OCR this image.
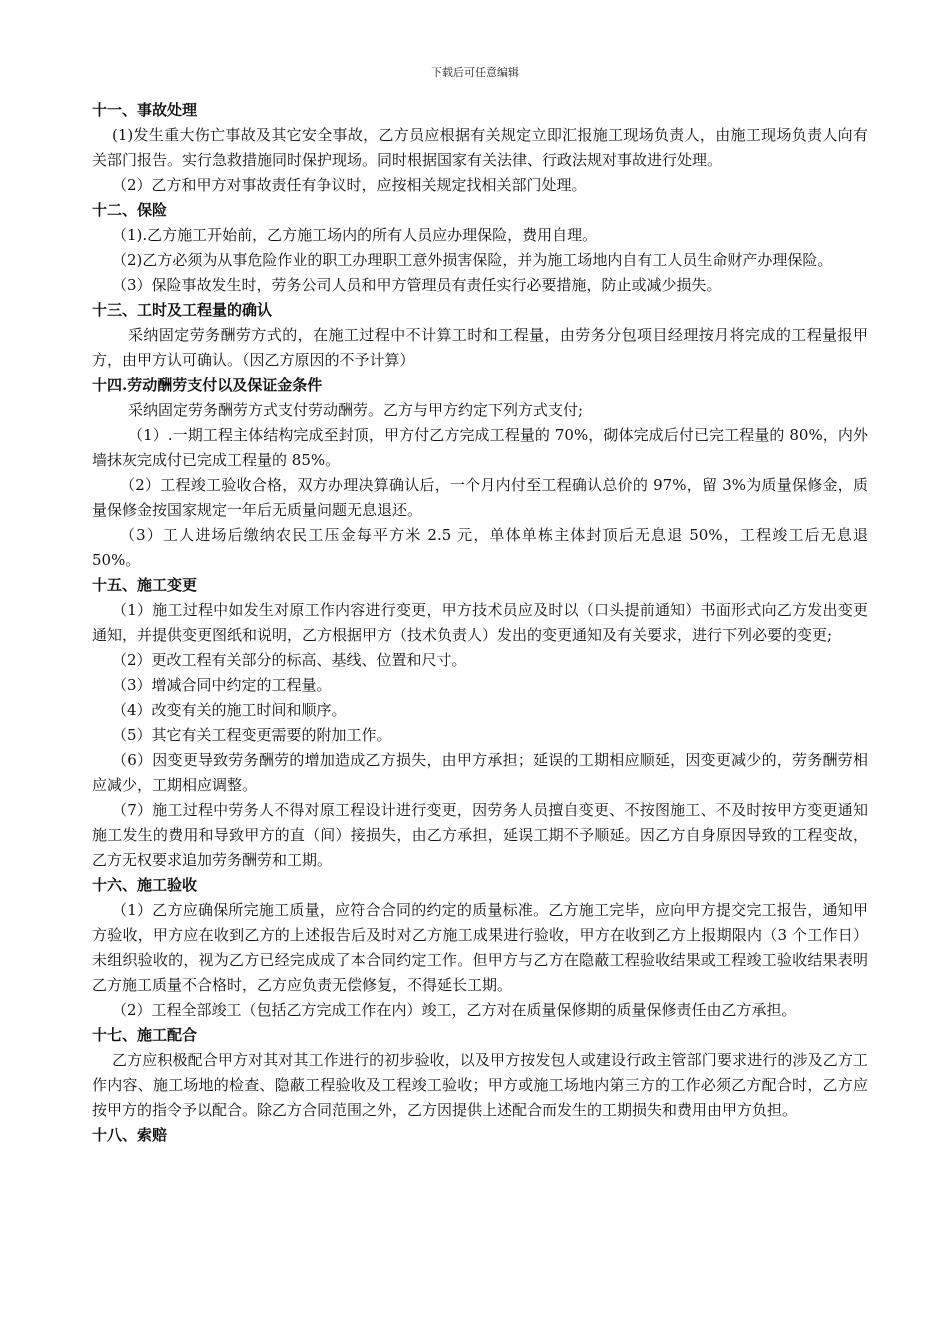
下载后可任意编辑

十一、事故处理

(1)发生重大伤亡事故及其它安全事故，乙方员应根据有关规定立即汇报施工现场负责人，由施工现场负责人向有关部门报告。实行急救措施同时保护现场。同时根据国家有关法律、行政法规对事故进行处理。

（2）乙方和甲方对事故责任有争议时，应按相关规定找相关部门处理。

十二、保险

（1).乙方施工开始前，乙方施工场内的所有人员应办理保险，费用自理。

（2)乙方必须为从事危险作业的职工办理职工意外损害保险，并为施工场地内自有工人员生命财产办理保险。

（3）保险事故发生时，劳务公司人员和甲方管理员有责任实行必要措施，防止或减少损失。

十三、工时及工程量的确认

采纳固定劳务酬劳方式的，在施工过程中不计算工时和工程量，由劳务分包项目经理按月将完成的工程量报甲方，由甲方认可确认。（因乙方原因的不予计算）

十四.劳动酬劳支付以及保证金条件

采纳固定劳务酬劳方式支付劳动酬劳。乙方与甲方约定下列方式支付;

（1）.一期工程主体结构完成至封顶，甲方付乙方完成工程量的 70%，砌体完成后付已完工程量的 80%，内外墙抹灰完成付已完成工程量的 85%。

（2）工程竣工验收合格，双方办理决算确认后，一个月内付至工程确认总价的 97%，留 3%为质量保修金，质量保修金按国家规定一年后无质量问题无息退还。

（3）工人进场后缴纳农民工压金每平方米 2.5 元，单体单栋主体封顶后无息退 50%，工程竣工后无息退 50%。

十五、施工变更

（1）施工过程中如发生对原工作内容进行变更，甲方技术员应及时以（口头提前通知）书面形式向乙方发出变更通知，并提供变更图纸和说明，乙方根据甲方（技术负责人）发出的变更通知及有关要求，进行下列必要的变更;

（2）更改工程有关部分的标高、基线、位置和尺寸。

（3）增减合同中约定的工程量。

（4）改变有关的施工时间和顺序。

（5）其它有关工程变更需要的附加工作。

（6）因变更导致劳务酬劳的增加造成乙方损失，由甲方承担；延误的工期相应顺延，因变更减少的，劳务酬劳相应减少，工期相应调整。

（7）施工过程中劳务人不得对原工程设计进行变更，因劳务人员擅自变更、不按图施工、不及时按甲方变更通知施工发生的费用和导致甲方的直（间）接损失，由乙方承担，延误工期不予顺延。因乙方自身原因导致的工程变故，乙方无权要求追加劳务酬劳和工期。

十六、施工验收

（1）乙方应确保所完施工质量，应符合合同的约定的质量标准。乙方施工完毕，应向甲方提交完工报告，通知甲方验收，甲方应在收到乙方的上述报告后及时对乙方施工成果进行验收，甲方在收到乙方上报期限内（3 个工作日）未组织验收的，视为乙方已经完成成了本合同约定工作。但甲方与乙方在隐蔽工程验收结果或工程竣工验收结果表明乙方施工质量不合格时，乙方应负责无偿修复，不得延长工期。

（2）工程全部竣工（包括乙方完成工作在内）竣工，乙方对在质量保修期的质量保修责任由乙方承担。

十七、施工配合

乙方应积极配合甲方对其对其工作进行的初步验收，以及甲方按发包人或建设行政主管部门要求进行的涉及乙方工作内容、施工场地的检查、隐蔽工程验收及工程竣工验收；甲方或施工场地内第三方的工作必须乙方配合时，乙方应按甲方的指令予以配合。除乙方合同范围之外，乙方因提供上述配合而发生的工期损失和费用由甲方负担。

十八、索赔
